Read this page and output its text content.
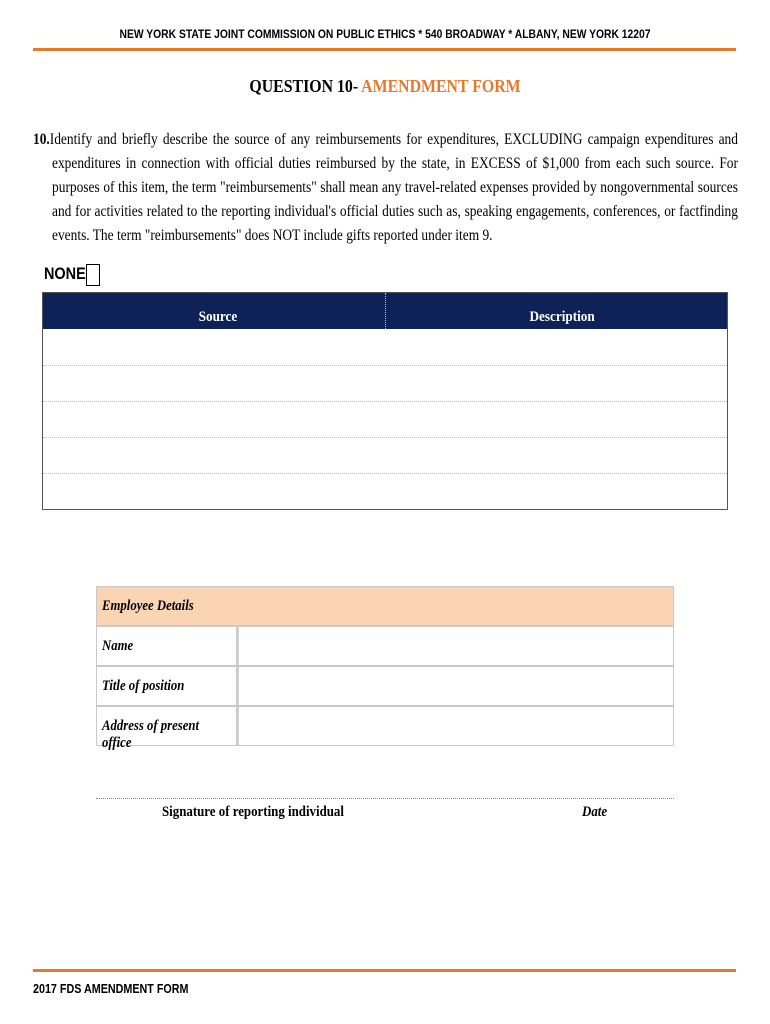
NEW YORK STATE JOINT COMMISSION ON PUBLIC ETHICS * 540 BROADWAY * ALBANY, NEW YORK 12207
QUESTION 10- AMENDMENT FORM

10.Identify and briefly describe the source of any reimbursements for expenditures, EXCLUDING campaign expenditures and expenditures in connection with official duties reimbursed by the state, in EXCESS of $1,000 from each such source. For purposes of this item, the term "reimbursements" shall mean any travel-related expenses provided by nongovernmental sources and for activities related to the reporting individual's official duties such as, speaking engagements, conferences, or factfinding events. The term "reimbursements" does NOT include gifts reported under item 9.

NONE
Source	Description
Employee Details
Name
Title of position
Address of present office
Signature of reporting individual	Date
2017 FDS AMENDMENT FORM
